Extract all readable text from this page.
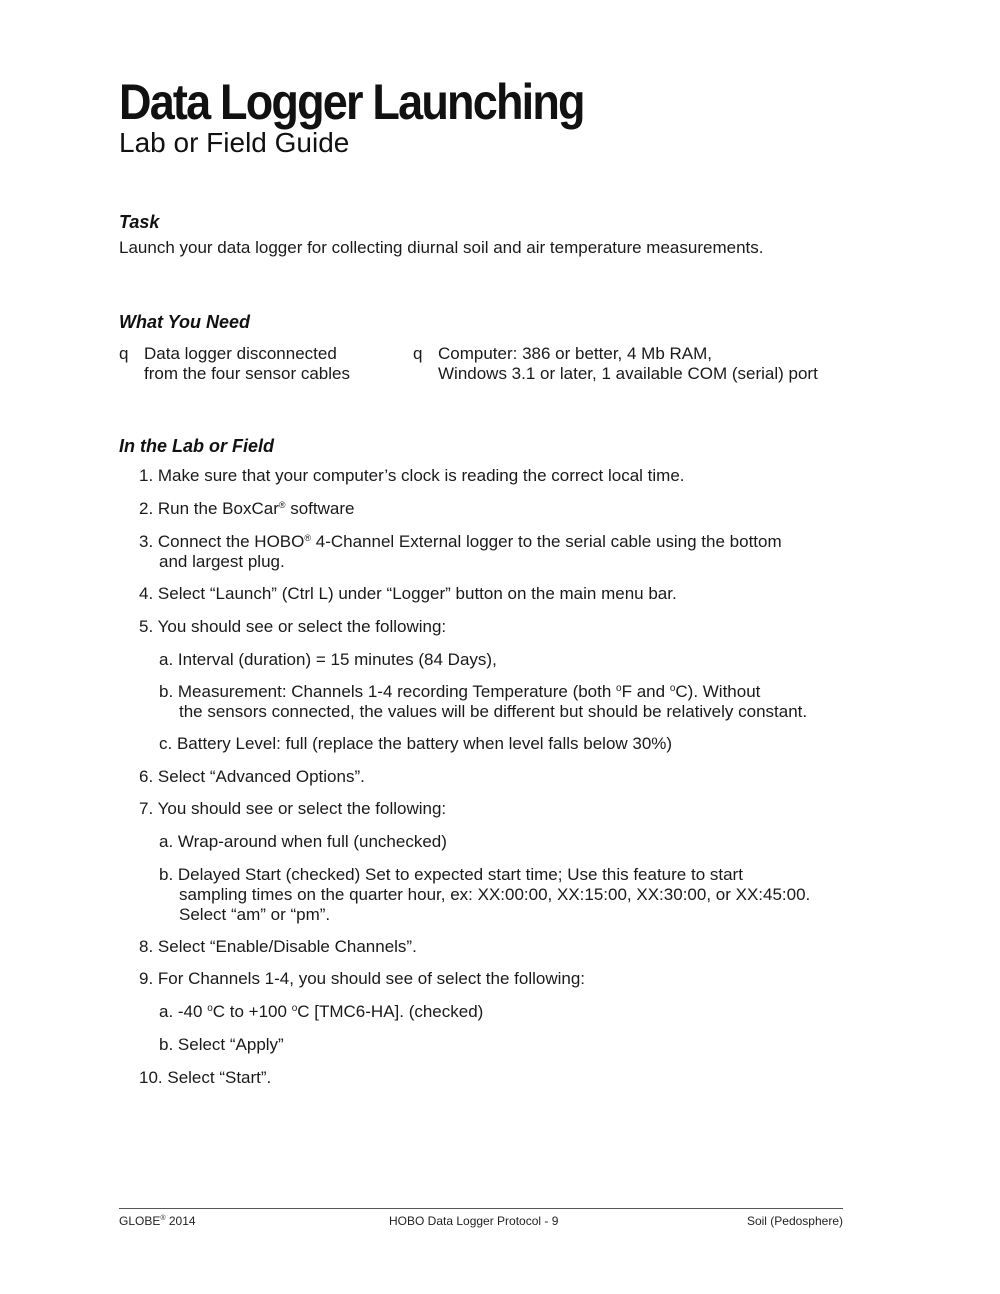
Data Logger Launching
Lab or Field Guide
Task

Launch your data logger for collecting diurnal soil and air temperature measurements.

What You Need
q Data logger disconnected
from the four sensor cables
q Computer: 386 or better, 4 Mb RAM,
Windows 3.1 or later, 1 available COM (serial) port
In the Lab or Field
1. Make sure that your computer’s clock is reading the correct local time.
2. Run the BoxCar® software
3. Connect the HOBO® 4-Channel External logger to the serial cable using the bottom
and largest plug.
4. Select “Launch” (Ctrl L) under “Logger” button on the main menu bar.
5. You should see or select the following:
a. Interval (duration) = 15 minutes (84 Days),
b. Measurement: Channels 1-4 recording Temperature (both $^o$F and $^o$C). Without
the sensors connected, the values will be different but should be relatively constant.
c. Battery Level: full (replace the battery when level falls below 30%)
6. Select “Advanced Options”.
7. You should see or select the following:
a. Wrap-around when full (unchecked)
b. Delayed Start (checked) Set to expected start time; Use this feature to start
sampling times on the quarter hour, ex: XX:00:00, XX:15:00, XX:30:00, or XX:45:00.
Select “am” or “pm”.
8. Select “Enable/Disable Channels”.
9. For Channels 1-4, you should see of select the following:
a. -40 $^o$C to +100 $^o$C [TMC6-HA]. (checked)
b. Select “Apply”
10. Select “Start”.
GLOBE® 2014	HOBO Data Logger Protocol - 9	Soil (Pedosphere)
